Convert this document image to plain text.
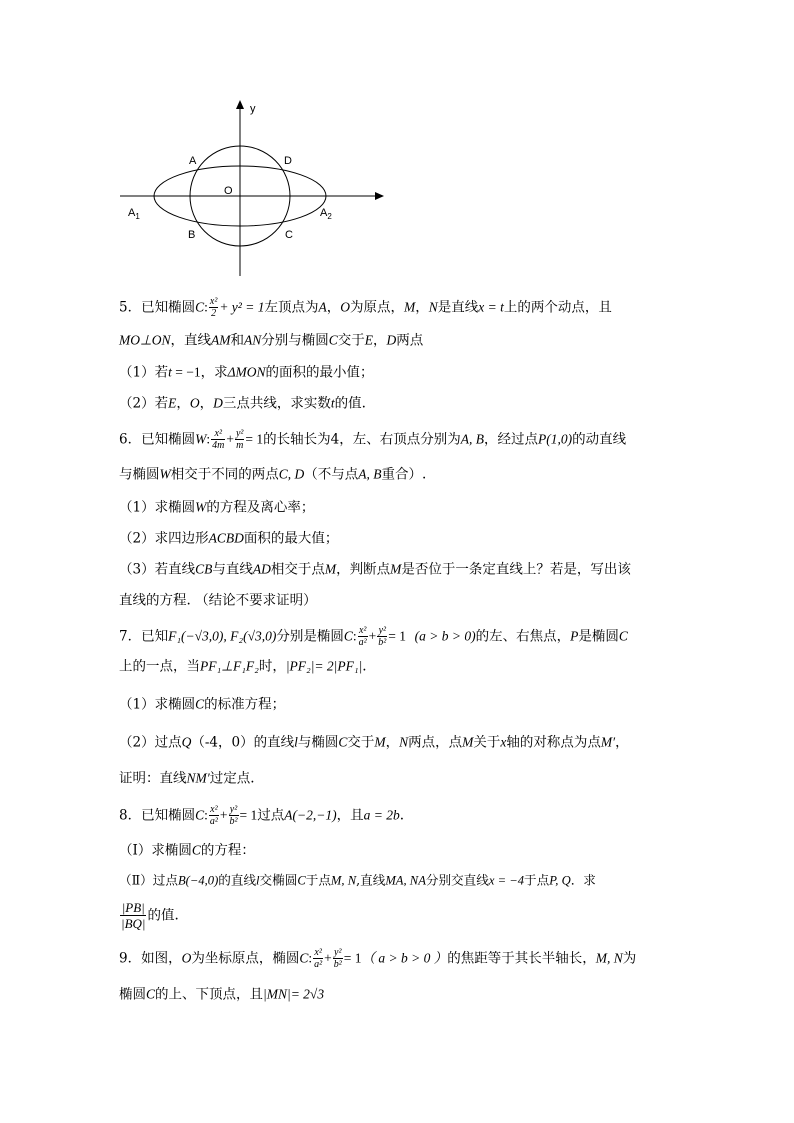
y
A	D
O
B	C
$A_1$	$A_2$
5．已知椭圆C: $\frac{\text{x²}}{2} + y^2 = 1$左顶点为A，O为原点，M，N是直线x = t上的两个动点，且
MO⊥ON，直线AM和AN分别与椭圆C交于E，D两点
（1）若t = −1，求ΔMON的面积的最小值；
（2）若E，O，D三点共线，求实数t的值.
6．已知椭圆W: $\frac{\text{x²}}{4m} + \frac{\text{y²}}{m} = 1$的长轴长为4，左、右顶点分别为A, B，经过点P(1,0)的动直线
与椭圆W相交于不同的两点C, D（不与点A, B重合）.
（1）求椭圆W的方程及离心率；
（2）求四边形ACBD面积的最大值；
（3）若直线CB与直线AD相交于点M，判断点M是否位于一条定直线上？若是，写出该
直线的方程. （结论不要求证明）
7．已知F₁(−√3,0), F₂(√3,0)分别是椭圆C: $\frac{\text{x²}}{\text{a²}} + \frac{\text{y²}}{\text{b²}} = 1$ (a > b > 0)的左、右焦点，P是椭圆C
上的一点，当PF₁⊥F₁F₂时，|PF₂|= 2|PF₁|.
（1）求椭圆C的标准方程；
（2）过点Q（-4，0）的直线l与椭圆C交于M，N两点，点M关于x轴的对称点为点M′，
证明：直线NM′过定点.
8．已知椭圆C: $\frac{\text{x²}}{\text{a²}} + \frac{\text{y²}}{\text{b²}} = 1$过点A(−2,−1)，且a = 2b.
（Ⅰ）求椭圆C的方程：
（Ⅱ）过点B(−4,0)的直线l交椭圆C于点M, N,直线MA, NA分别交直线x = −4于点P, Q．求
$\frac{|PB|}{|BQ|}$ 的值.
9．如图，O为坐标原点，椭圆C: $\frac{\text{x²}}{\text{a²}} + \frac{\text{y²}}{\text{b²}} = 1$（ a > b > 0 ）的焦距等于其长半轴长，M, N为
椭圆C的上、下顶点，且|MN|= 2√3
